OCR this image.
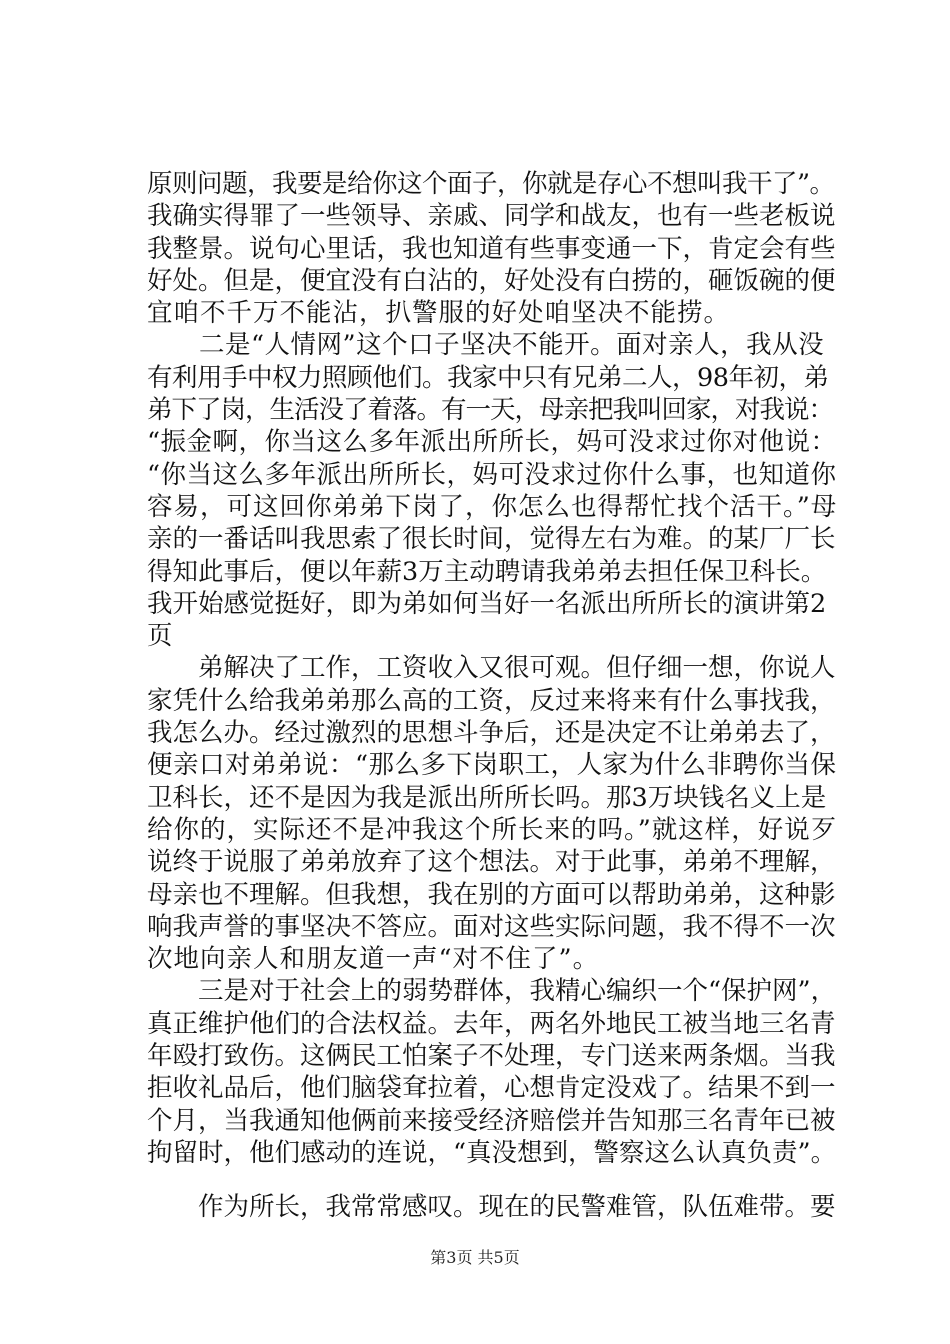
原则问题，我要是给你这个面子，你就是存心不想叫我干了”。
我确实得罪了一些领导、亲戚、同学和战友，也有一些老板说
我整景。说句心里话，我也知道有些事变通一下，肯定会有些
好处。但是，便宜没有白沾的，好处没有白捞的，砸饭碗的便
宜咱不千万不能沾，扒警服的好处咱坚决不能捞。
　　二是“人情网”这个口子坚决不能开。面对亲人，我从没
有利用手中权力照顾他们。我家中只有兄弟二人，98年初，弟
弟下了岗，生活没了着落。有一天，母亲把我叫回家，对我说：
“振金啊，你当这么多年派出所所长，妈可没求过你对他说：
“你当这么多年派出所所长，妈可没求过你什么事，也知道你
容易，可这回你弟弟下岗了，你怎么也得帮忙找个活干。”母
亲的一番话叫我思索了很长时间，觉得左右为难。的某厂厂长
得知此事后，便以年薪3万主动聘请我弟弟去担任保卫科长。
我开始感觉挺好，即为弟如何当好一名派出所所长的演讲第2
页
　　弟解决了工作，工资收入又很可观。但仔细一想，你说人
家凭什么给我弟弟那么高的工资，反过来将来有什么事找我，
我怎么办。经过激烈的思想斗争后，还是决定不让弟弟去了，
便亲口对弟弟说：“那么多下岗职工，人家为什么非聘你当保
卫科长，还不是因为我是派出所所长吗。那3万块钱名义上是
给你的，实际还不是冲我这个所长来的吗。”就这样，好说歹
说终于说服了弟弟放弃了这个想法。对于此事，弟弟不理解，
母亲也不理解。但我想，我在别的方面可以帮助弟弟，这种影
响我声誉的事坚决不答应。面对这些实际问题，我不得不一次
次地向亲人和朋友道一声“对不住了”。
　　三是对于社会上的弱势群体，我精心编织一个“保护网”，
真正维护他们的合法权益。去年，两名外地民工被当地三名青
年殴打致伤。这俩民工怕案子不处理，专门送来两条烟。当我
拒收礼品后，他们脑袋耷拉着，心想肯定没戏了。结果不到一
个月，当我通知他俩前来接受经济赔偿并告知那三名青年已被
拘留时，他们感动的连说，“真没想到，警察这么认真负责”。
　　作为所长，我常常感叹。现在的民警难管，队伍难带。要
第3页 共5页
